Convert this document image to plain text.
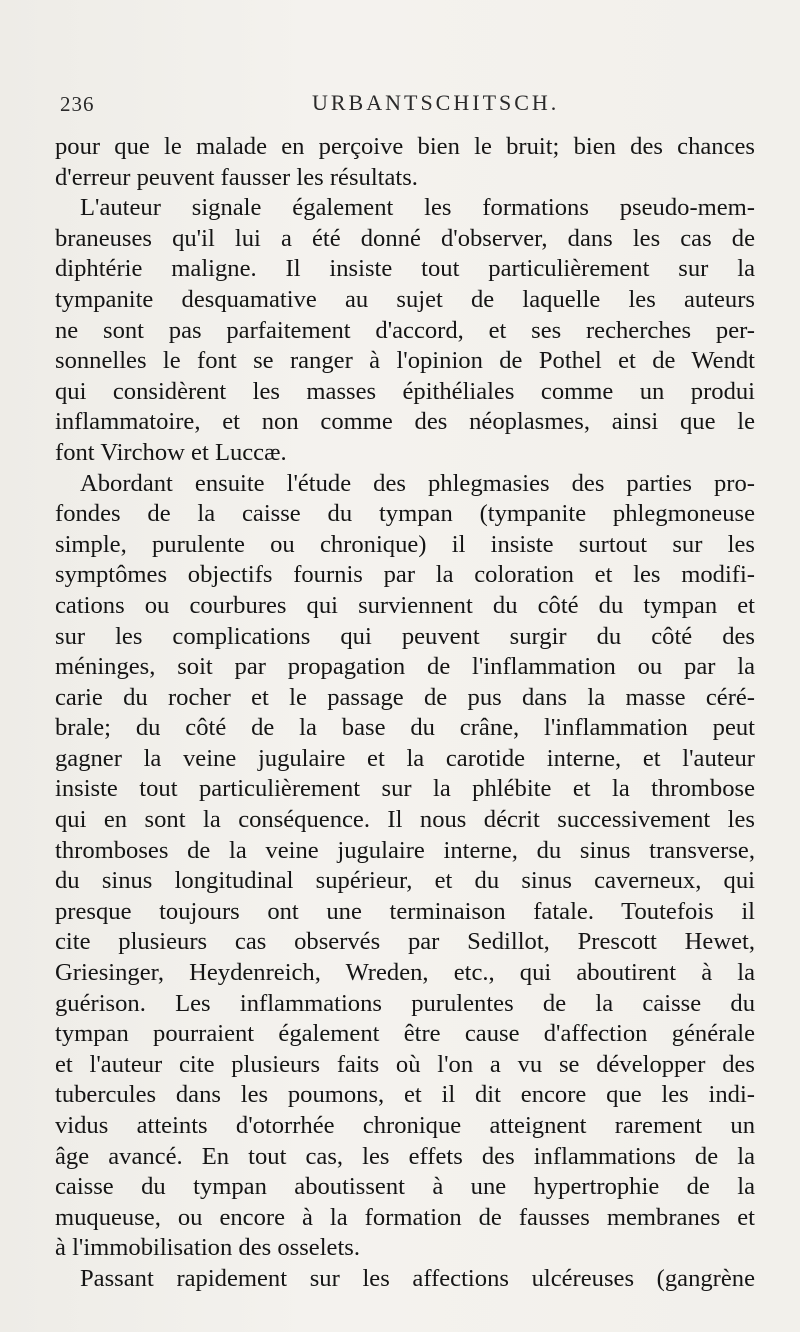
236	URBANTSCHITSCH.
pour que le malade en perçoive bien le bruit; bien des chances
d'erreur peuvent fausser les résultats.
L'auteur signale également les formations pseudo-mem-
braneuses qu'il lui a été donné d'observer, dans les cas de
diphtérie maligne. Il insiste tout particulièrement sur la
tympanite desquamative au sujet de laquelle les auteurs
ne sont pas parfaitement d'accord, et ses recherches per-
sonnelles le font se ranger à l'opinion de Pothel et de Wendt
qui considèrent les masses épithéliales comme un produi
inflammatoire, et non comme des néoplasmes, ainsi que le
font Virchow et Luccæ.
Abordant ensuite l'étude des phlegmasies des parties pro-
fondes de la caisse du tympan (tympanite phlegmoneuse
simple, purulente ou chronique) il insiste surtout sur les
symptômes objectifs fournis par la coloration et les modifi-
cations ou courbures qui surviennent du côté du tympan et
sur les complications qui peuvent surgir du côté des
méninges, soit par propagation de l'inflammation ou par la
carie du rocher et le passage de pus dans la masse céré-
brale; du côté de la base du crâne, l'inflammation peut
gagner la veine jugulaire et la carotide interne, et l'auteur
insiste tout particulièrement sur la phlébite et la thrombose
qui en sont la conséquence. Il nous décrit successivement les
thromboses de la veine jugulaire interne, du sinus transverse,
du sinus longitudinal supérieur, et du sinus caverneux, qui
presque toujours ont une terminaison fatale. Toutefois il
cite plusieurs cas observés par Sedillot, Prescott Hewet,
Griesinger, Heydenreich, Wreden, etc., qui aboutirent à la
guérison. Les inflammations purulentes de la caisse du
tympan pourraient également être cause d'affection générale
et l'auteur cite plusieurs faits où l'on a vu se développer des
tubercules dans les poumons, et il dit encore que les indi-
vidus atteints d'otorrhée chronique atteignent rarement un
âge avancé. En tout cas, les effets des inflammations de la
caisse du tympan aboutissent à une hypertrophie de la
muqueuse, ou encore à la formation de fausses membranes et
à l'immobilisation des osselets.
Passant rapidement sur les affections ulcéreuses (gangrène
